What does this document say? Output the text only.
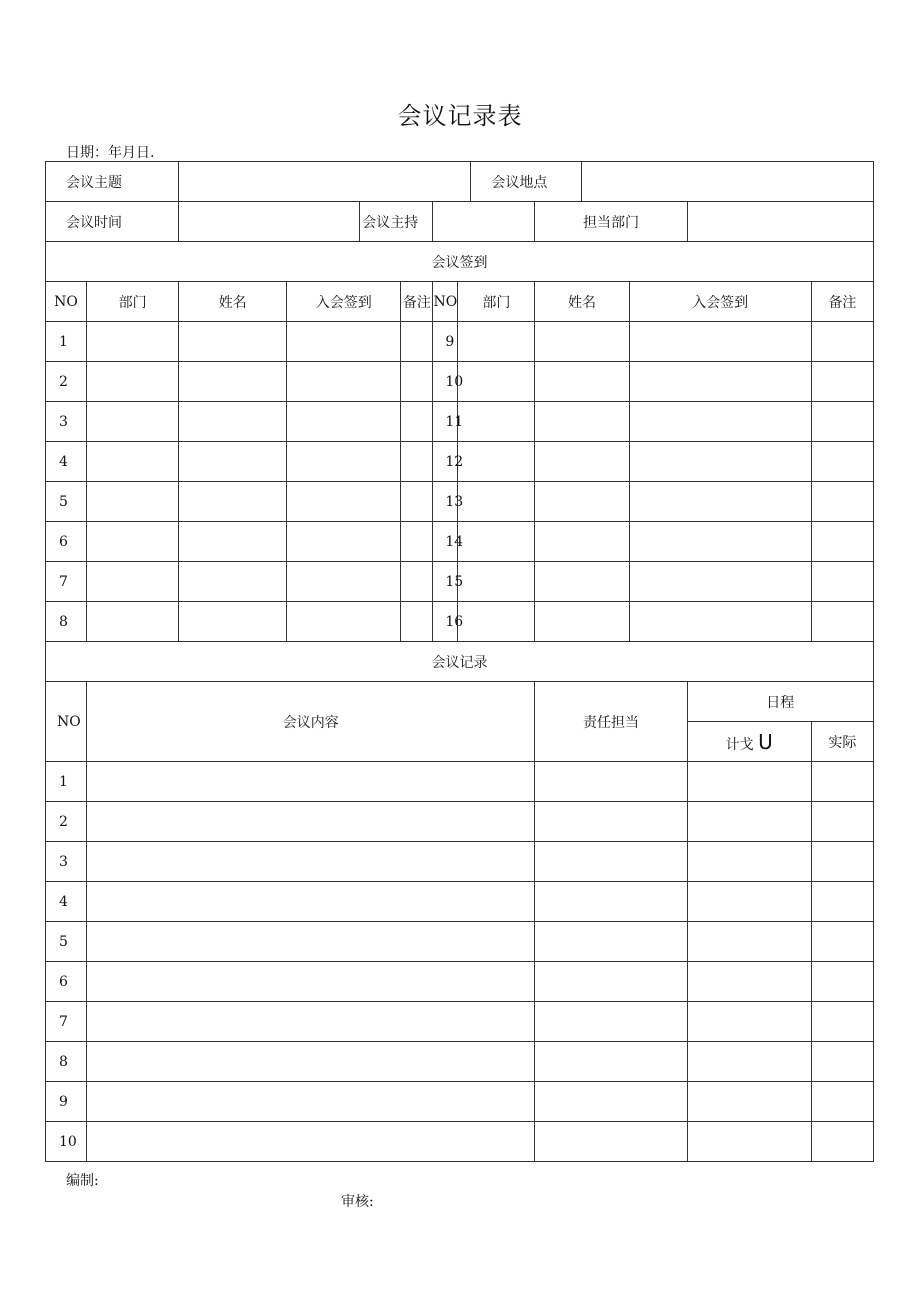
会议记录表
日期：年月日.
会议主题								会议地点					
会议时间				会议主持					担当部门				
会议签到													
NO	部门	姓名	入会签到		备注	NO	部门		姓名		入会签到		备注
1						9							
2						10							
3						11							
4						12							
5						13							
6						14							
7						15							
8						16							
会议记录													
NO	会议内容								责任担当			日程	
												计戈 U	实际
1													
2													
3													
4													
5													
6													
7													
8													
9													
10													
编制:
审核:
